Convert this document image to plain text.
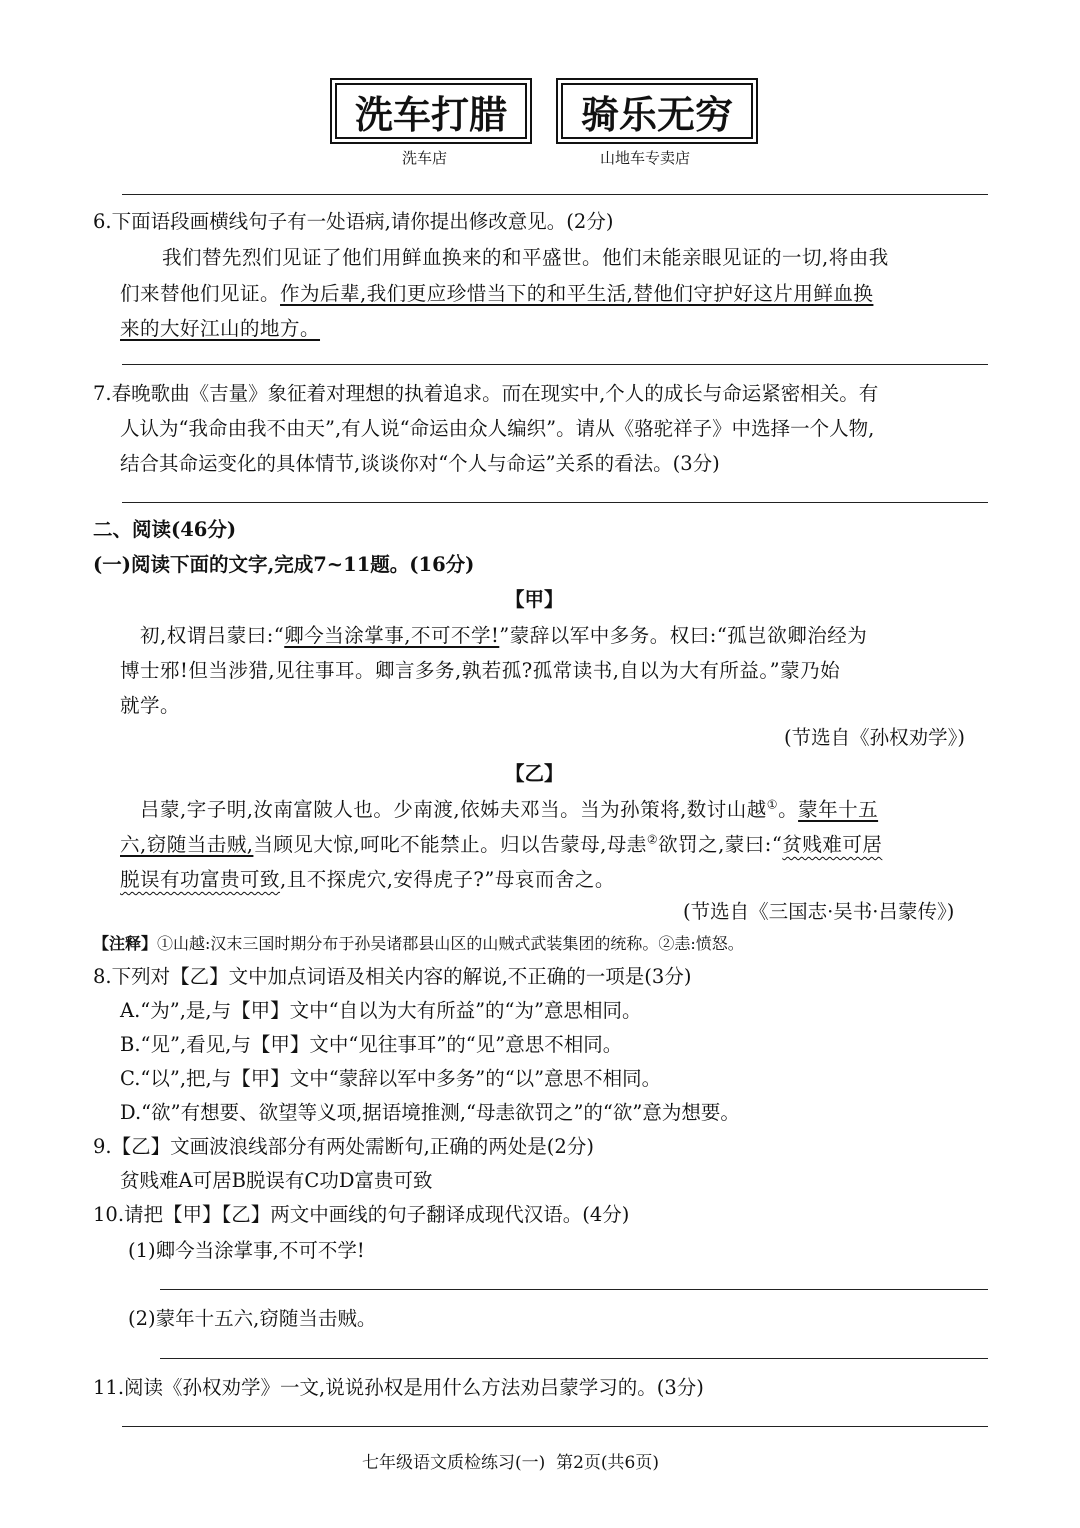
洗车打腊 骑乐无穷
洗车店	山地车专卖店
6.下面语段画横线句子有一处语病,请你提出修改意见。(2分)
我们替先烈们见证了他们用鲜血换来的和平盛世。他们未能亲眼见证的一切,将由我
们来替他们见证。作为后辈,我们更应珍惜当下的和平生活,替他们守护好这片用鲜血换
来的大好江山的地方。
7.春晚歌曲《吉量》象征着对理想的执着追求。而在现实中,个人的成长与命运紧密相关。有
人认为“我命由我不由天”,有人说“命运由众人编织”。请从《骆驼祥子》中选择一个人物,
结合其命运变化的具体情节,谈谈你对“个人与命运”关系的看法。(3分)
二、阅读(46分)
(一)阅读下面的文字,完成7~11题。(16分)
【甲】
初,权谓吕蒙曰:“卿今当涂掌事,不可不学!”蒙辞以军中多务。权曰:“孤岂欲卿治经为
博士邪!但当涉猎,见往事耳。卿言多务,孰若孤?孤常读书,自以为大有所益。”蒙乃始
就学。
(节选自《孙权劝学》)
【乙】
吕蒙,字子明,汝南富陂人也。少南渡,依姊夫邓当。当为孙策将,数讨山越①。蒙年十五
六,窃随当击贼,当顾见大惊,呵叱不能禁止。归以告蒙母,母恚②欲罚之,蒙曰:“贫贱难可居
脱误有功富贵可致,且不探虎穴,安得虎子?”母哀而舍之。
(节选自《三国志·吴书·吕蒙传》)
【注释】①山越:汉末三国时期分布于孙吴诸郡县山区的山贼式武装集团的统称。②恚:愤怒。
8.下列对【乙】文中加点词语及相关内容的解说,不正确的一项是(3分)
A.“为”,是,与【甲】文中“自以为大有所益”的“为”意思相同。
B.“见”,看见,与【甲】文中“见往事耳”的“见”意思不相同。
C.“以”,把,与【甲】文中“蒙辞以军中多务”的“以”意思不相同。
D.“欲”有想要、欲望等义项,据语境推测,“母恚欲罚之”的“欲”意为想要。
9.【乙】文画波浪线部分有两处需断句,正确的两处是(2分)
贫贱难A可居B脱误有C功D富贵可致
10.请把【甲】【乙】两文中画线的句子翻译成现代汉语。(4分)
(1)卿今当涂掌事,不可不学!
(2)蒙年十五六,窃随当击贼。
11.阅读《孙权劝学》一文,说说孙权是用什么方法劝吕蒙学习的。(3分)
七年级语文质检练习(一)  第2页(共6页)
